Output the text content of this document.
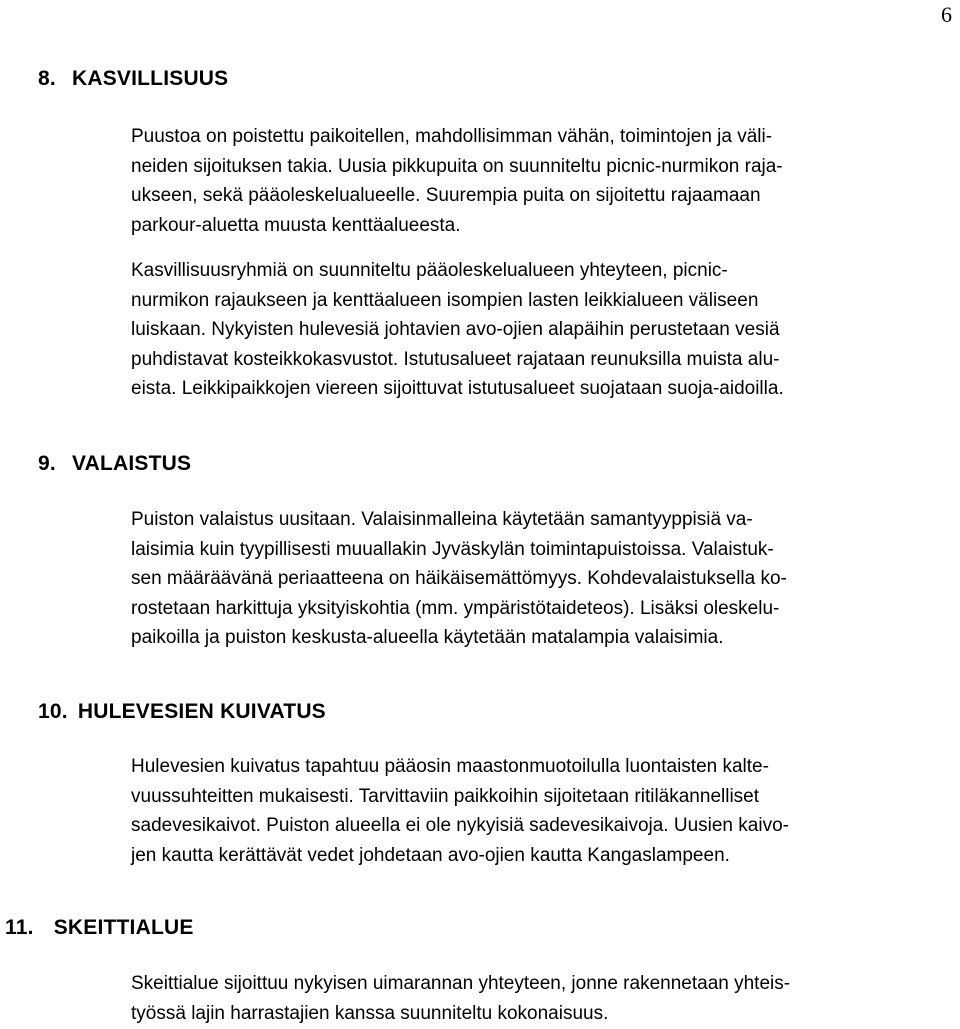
6
8. KASVILLISUUS
Puustoa on poistettu paikoitellen, mahdollisimman vähän, toimintojen ja väli-
neiden sijoituksen takia. Uusia pikkupuita on suunniteltu picnic-nurmikon raja-
ukseen, sekä pääoleskelualueelle. Suurempia puita on sijoitettu rajaamaan
parkour-aluetta muusta kenttäalueesta.
Kasvillisuusryhmiä on suunniteltu pääoleskelualueen yhteyteen, picnic-
nurmikon rajaukseen ja kenttäalueen isompien lasten leikkialueen väliseen
luiskaan. Nykyisten hulevesiä johtavien avo-ojien alapäihin perustetaan vesiä
puhdistavat kosteikkokasvustot. Istutusalueet rajataan reunuksilla muista alu-
eista. Leikkipaikkojen viereen sijoittuvat istutusalueet suojataan suoja-aidoilla.
9. VALAISTUS
Puiston valaistus uusitaan. Valaisinmalleina käytetään samantyyppisiä va-
laisimia kuin tyypillisesti muuallakin Jyväskylän toimintapuistoissa. Valaistuk-
sen määräävänä periaatteena on häikäisemättömyys. Kohdevalaistuksella ko-
rostetaan harkittuja yksityiskohtia (mm. ympäristötaideteos). Lisäksi oleskelu-
paikoilla ja puiston keskusta-alueella käytetään matalampia valaisimia.
10. HULEVESIEN KUIVATUS
Hulevesien kuivatus tapahtuu pääosin maastonmuotoilulla luontaisten kalte-
vuussuhteitten mukaisesti. Tarvittaviin paikkoihin sijoitetaan ritiläkannelliset
sadevesikaivot. Puiston alueella ei ole nykyisiä sadevesikaivoja. Uusien kaivo-
jen kautta kerättävät vedet johdetaan avo-ojien kautta Kangaslampeen.
11. SKEITTIALUE
Skeittialue sijoittuu nykyisen uimarannan yhteyteen, jonne rakennetaan yhteis-
työssä lajin harrastajien kanssa suunniteltu kokonaisuus.
